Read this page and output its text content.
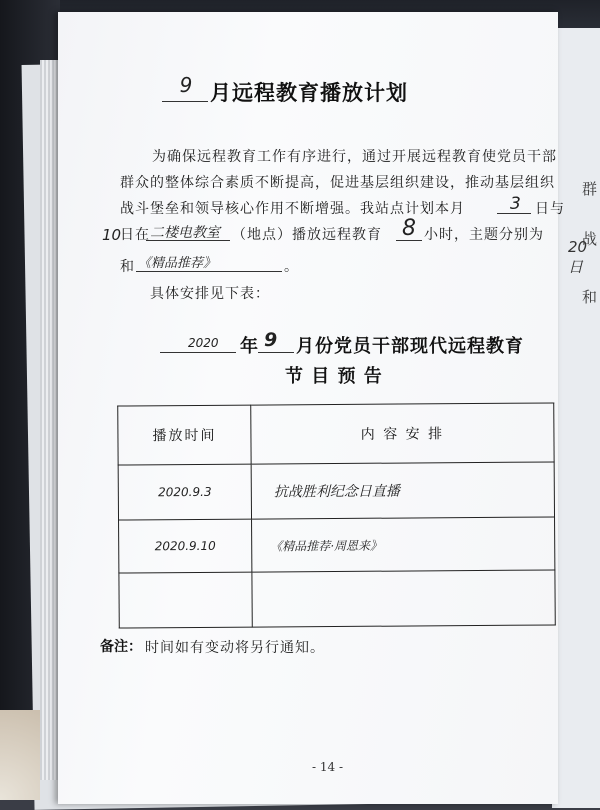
群
战
和
20 日
9 月远程教育播放计划
为确保远程教育工作有序进行，通过开展远程教育使党员干部
群众的整体综合素质不断提高，促进基层组织建设，推动基层组织
战斗堡垒和领导核心作用不断增强。我站点计划本月	3 日与
10
日在 二楼电教室 （地点）播放远程教育 8 小时，主题分别为
和 《精品推荐》	。
具体安排见下表：
2020 年 9 月份党员干部现代远程教育
节 目 预 告
播放时间	内 容 安 排
2020.9.3	抗战胜利纪念日直播
2020.9.10	《精品推荐·周恩来》

备注： 时间如有变动将另行通知。
- 14 -
